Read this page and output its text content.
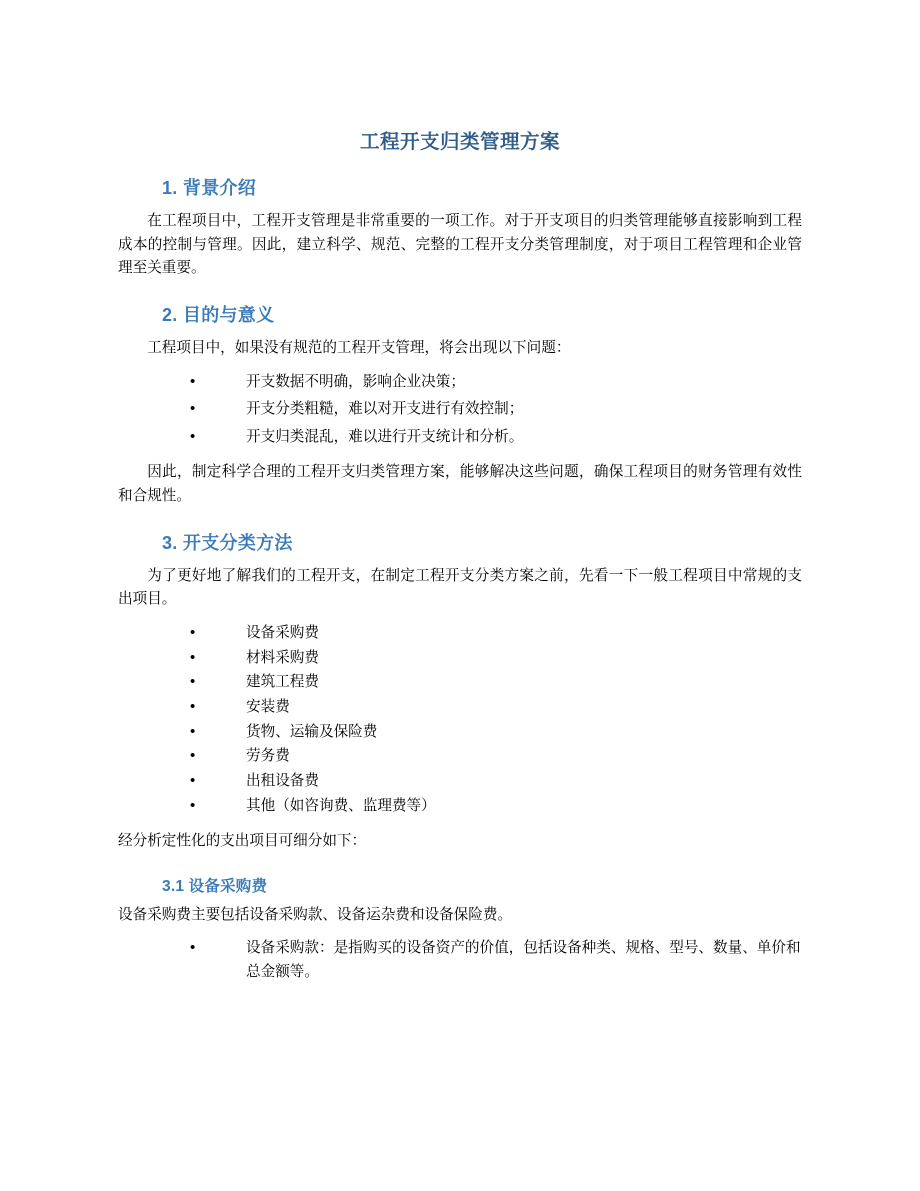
工程开支归类管理方案
1. 背景介绍

在工程项目中，工程开支管理是非常重要的一项工作。对于开支项目的归类管理能够直接影响到工程成本的控制与管理。因此，建立科学、规范、完整的工程开支分类管理制度，对于项目工程管理和企业管理至关重要。

2. 目的与意义

工程项目中，如果没有规范的工程开支管理，将会出现以下问题：

• 开支数据不明确，影响企业决策；
• 开支分类粗糙，难以对开支进行有效控制；
• 开支归类混乱，难以进行开支统计和分析。

因此，制定科学合理的工程开支归类管理方案，能够解决这些问题，确保工程项目的财务管理有效性和合规性。

3. 开支分类方法

为了更好地了解我们的工程开支，在制定工程开支分类方案之前，先看一下一般工程项目中常规的支出项目。

• 设备采购费
• 材料采购费
• 建筑工程费
• 安装费
• 货物、运输及保险费
• 劳务费
• 出租设备费
• 其他（如咨询费、监理费等）

经分析定性化的支出项目可细分如下：

3.1 设备采购费

设备采购费主要包括设备采购款、设备运杂费和设备保险费。

• 设备采购款：是指购买的设备资产的价值，包括设备种类、规格、型号、数量、单价和总金额等。
